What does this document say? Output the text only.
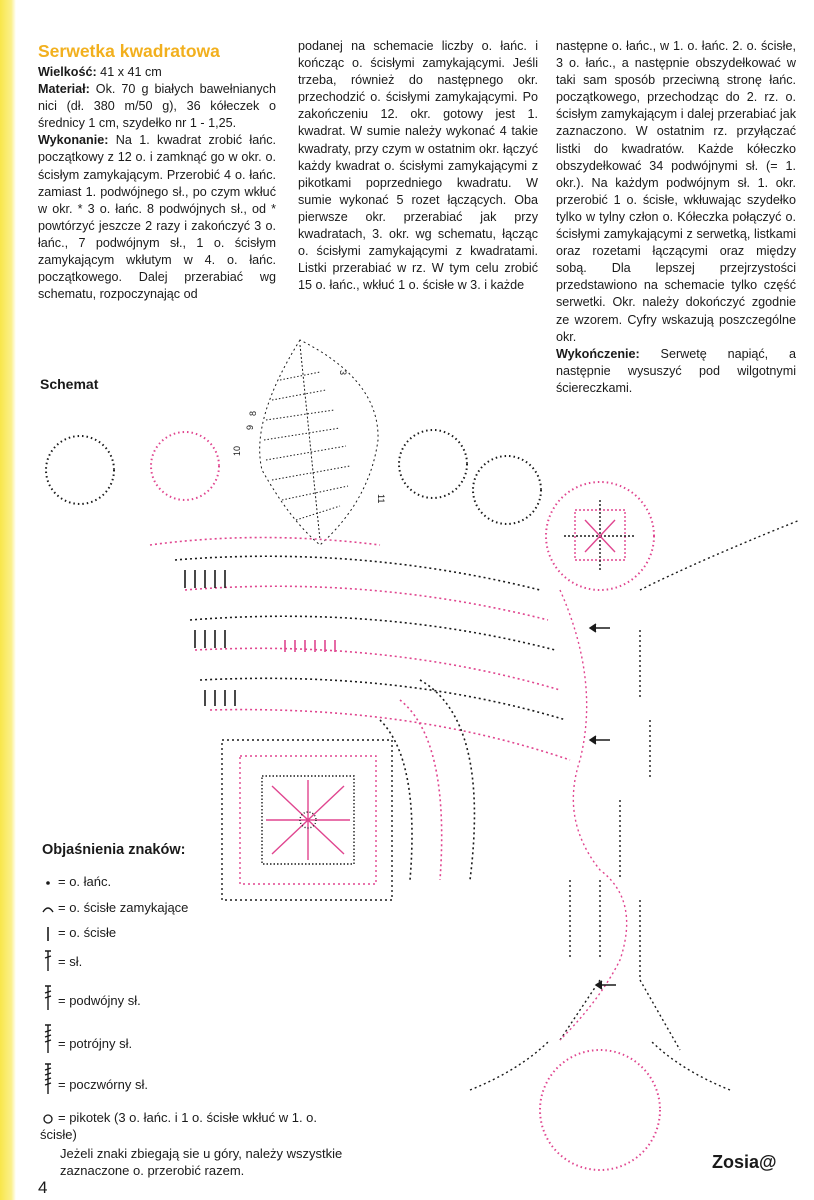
Serwetka kwadratowa

Wielkość: 41 x 41 cm

Materiał: Ok. 70 g białych bawełnianych nici (dł. 380 m/50 g), 36 kółeczek o średnicy 1 cm, szydełko nr 1 - 1,25.

Wykonanie: Na 1. kwadrat zrobić łańc. początkowy z 12 o. i zamknąć go w okr. o. ścisłym zamykającym. Przerobić 4 o. łańc. zamiast 1. podwójnego sł., po czym wkłuć w okr. * 3 o. łańc. 8 podwójnych sł., od * powtórzyć jeszcze 2 razy i zakończyć 3 o. łańc., 7 podwójnym sł., 1 o. ścisłym zamykającym wkłutym w 4. o. łańc. początkowego. Dalej przerabiać wg schematu, rozpoczynając od

podanej na schemacie liczby o. łańc. i kończąc o. ścisłymi zamykającymi. Jeśli trzeba, również do następnego okr. przechodzić o. ścisłymi zamykającymi. Po zakończeniu 12. okr. gotowy jest 1. kwadrat. W sumie należy wykonać 4 takie kwadraty, przy czym w ostatnim okr. łączyć każdy kwadrat o. ścisłymi zamykającymi z pikotkami poprzedniego kwadratu. W sumie wykonać 5 rozet łączących. Oba pierwsze okr. przerabiać jak przy kwadratach, 3. okr. wg schematu, łącząc o. ścisłymi zamykającymi z kwadratami. Listki przerabiać w rz. W tym celu zrobić 15 o. łańc., wkłuć 1 o. ścisłe w 3. i każde

następne o. łańc., w 1. o. łańc. 2. o. ścisłe, 3 o. łańc., a następnie obszydełkować w taki sam sposób przeciwną stronę łańc. początkowego, przechodząc do 2. rz. o. ścisłym zamykającym i dalej przerabiać jak zaznaczono. W ostatnim rz. przyłączać listki do kwadratów. Każde kółeczko obszydełkować 34 podwójnymi sł. (= 1. okr.). Na każdym podwójnym sł. 1. okr. przerobić 1 o. ścisłe, wkłuwając szydełko tylko w tylny człon o. Kółeczka połączyć o. ścisłymi zamykającymi z serwetką, listkami oraz rozetami łączącymi oraz między sobą. Dla lepszej przejrzystości przedstawiono na schemacie tylko część serwetki. Okr. należy dokończyć zgodnie ze wzorem. Cyfry wskazują poszczególne okr.

Wykończenie: Serwetę napiąć, a następnie wysuszyć pod wilgotnymi ściereczkami.

Schemat
9
8
10
11
3
Objaśnienia znaków:
= o. łańc.
= o. ścisłe zamykające
= o. ścisłe
= sł.
= podwójny sł.
= potrójny sł.
= poczwórny sł.
= pikotek (3 o. łańc. i 1 o. ścisłe wkłuć w 1. o. ścisłe)
Jeżeli znaki zbiegają sie u góry, należy wszystkie zaznaczone o. przerobić razem.
4
Zosia@
